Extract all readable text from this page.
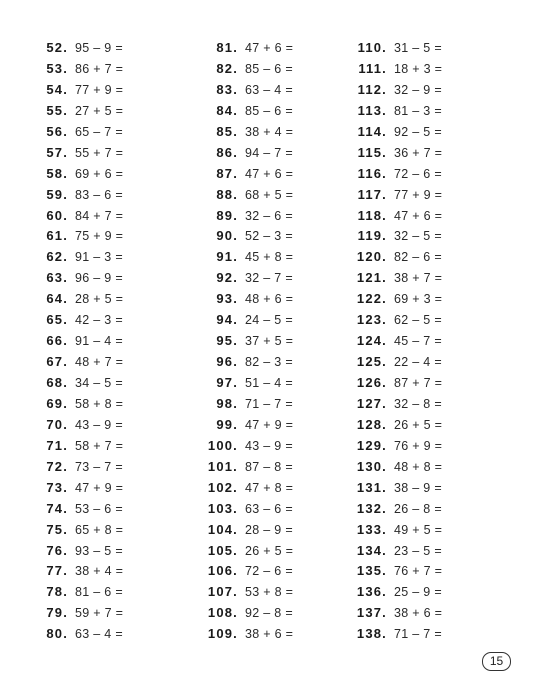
52. 95 – 9 =
53. 86 + 7 =
54. 77 + 9 =
55. 27 + 5 =
56. 65 – 7 =
57. 55 + 7 =
58. 69 + 6 =
59. 83 – 6 =
60. 84 + 7 =
61. 75 + 9 =
62. 91 – 3 =
63. 96 – 9 =
64. 28 + 5 =
65. 42 – 3 =
66. 91 – 4 =
67. 48 + 7 =
68. 34 – 5 =
69. 58 + 8 =
70. 43 – 9 =
71. 58 + 7 =
72. 73 – 7 =
73. 47 + 9 =
74. 53 – 6 =
75. 65 + 8 =
76. 93 – 5 =
77. 38 + 4 =
78. 81 – 6 =
79. 59 + 7 =
80. 63 – 4 =
81. 47 + 6 =
82. 85 – 6 =
83. 63 – 4 =
84. 85 – 6 =
85. 38 + 4 =
86. 94 – 7 =
87. 47 + 6 =
88. 68 + 5 =
89. 32 – 6 =
90. 52 – 3 =
91. 45 + 8 =
92. 32 – 7 =
93. 48 + 6 =
94. 24 – 5 =
95. 37 + 5 =
96. 82 – 3 =
97. 51 – 4 =
98. 71 – 7 =
99. 47 + 9 =
100. 43 – 9 =
101. 87 – 8 =
102. 47 + 8 =
103. 63 – 6 =
104. 28 – 9 =
105. 26 + 5 =
106. 72 – 6 =
107. 53 + 8 =
108. 92 – 8 =
109. 38 + 6 =
110. 31 – 5 =
111. 18 + 3 =
112. 32 – 9 =
113. 81 – 3 =
114. 92 – 5 =
115. 36 + 7 =
116. 72 – 6 =
117. 77 + 9 =
118. 47 + 6 =
119. 32 – 5 =
120. 82 – 6 =
121. 38 + 7 =
122. 69 + 3 =
123. 62 – 5 =
124. 45 – 7 =
125. 22 – 4 =
126. 87 + 7 =
127. 32 – 8 =
128. 26 + 5 =
129. 76 + 9 =
130. 48 + 8 =
131. 38 – 9 =
132. 26 – 8 =
133. 49 + 5 =
134. 23 – 5 =
135. 76 + 7 =
136. 25 – 9 =
137. 38 + 6 =
138. 71 – 7 =
15
